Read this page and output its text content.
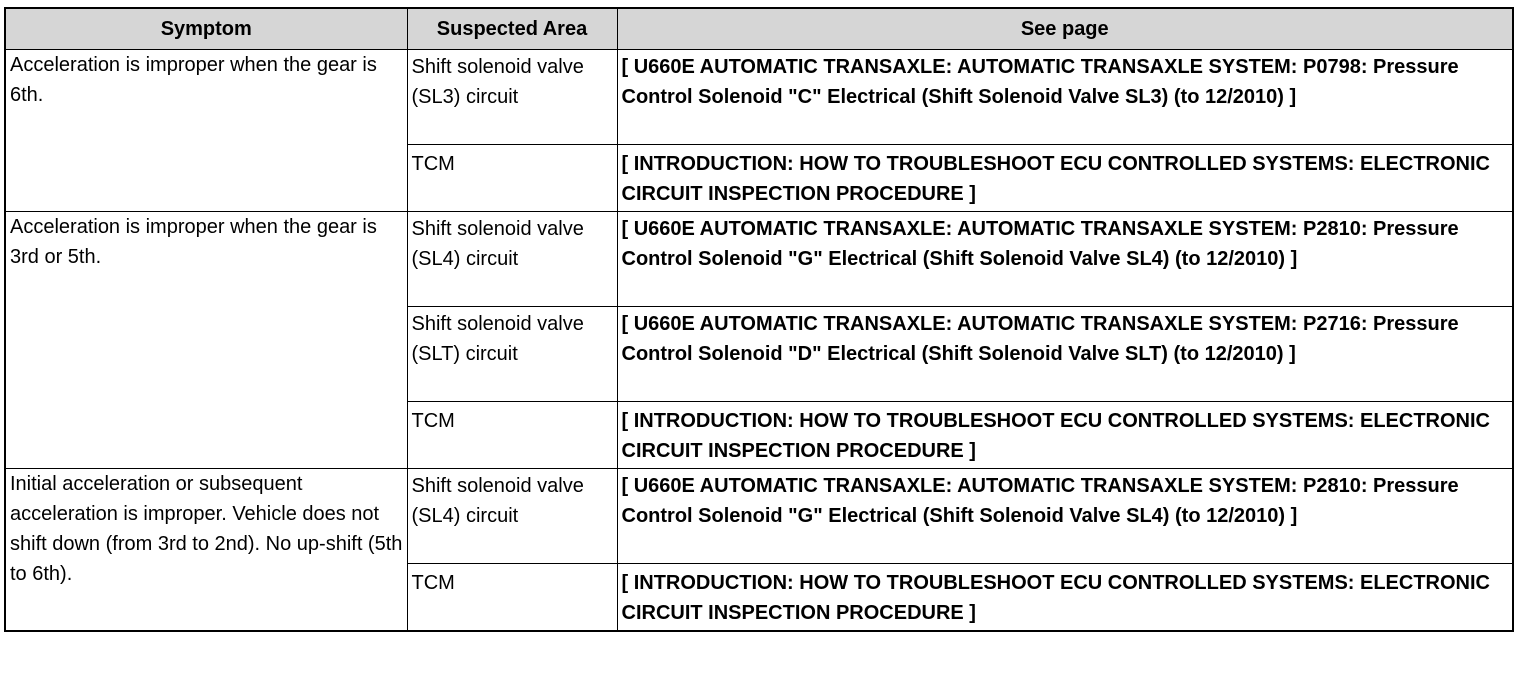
Symptom	Suspected Area	See page
Acceleration is improper when the gear is 6th.	Shift solenoid valve (SL3) circuit	[ U660E AUTOMATIC TRANSAXLE: AUTOMATIC TRANSAXLE SYSTEM: P0798: Pressure Control Solenoid "C" Electrical (Shift Solenoid Valve SL3) (to 12/2010) ]
	TCM	[ INTRODUCTION: HOW TO TROUBLESHOOT ECU CONTROLLED SYSTEMS: ELECTRONIC CIRCUIT INSPECTION PROCEDURE ]
Acceleration is improper when the gear is 3rd or 5th.	Shift solenoid valve (SL4) circuit	[ U660E AUTOMATIC TRANSAXLE: AUTOMATIC TRANSAXLE SYSTEM: P2810: Pressure Control Solenoid "G" Electrical (Shift Solenoid Valve SL4) (to 12/2010) ]
	Shift solenoid valve (SLT) circuit	[ U660E AUTOMATIC TRANSAXLE: AUTOMATIC TRANSAXLE SYSTEM: P2716: Pressure Control Solenoid "D" Electrical (Shift Solenoid Valve SLT) (to 12/2010) ]
	TCM	[ INTRODUCTION: HOW TO TROUBLESHOOT ECU CONTROLLED SYSTEMS: ELECTRONIC CIRCUIT INSPECTION PROCEDURE ]
Initial acceleration or subsequent acceleration is improper. Vehicle does not shift down (from 3rd to 2nd). No up-shift (5th to 6th).	Shift solenoid valve (SL4) circuit	[ U660E AUTOMATIC TRANSAXLE: AUTOMATIC TRANSAXLE SYSTEM: P2810: Pressure Control Solenoid "G" Electrical (Shift Solenoid Valve SL4) (to 12/2010) ]
	TCM	[ INTRODUCTION: HOW TO TROUBLESHOOT ECU CONTROLLED SYSTEMS: ELECTRONIC CIRCUIT INSPECTION PROCEDURE ]
